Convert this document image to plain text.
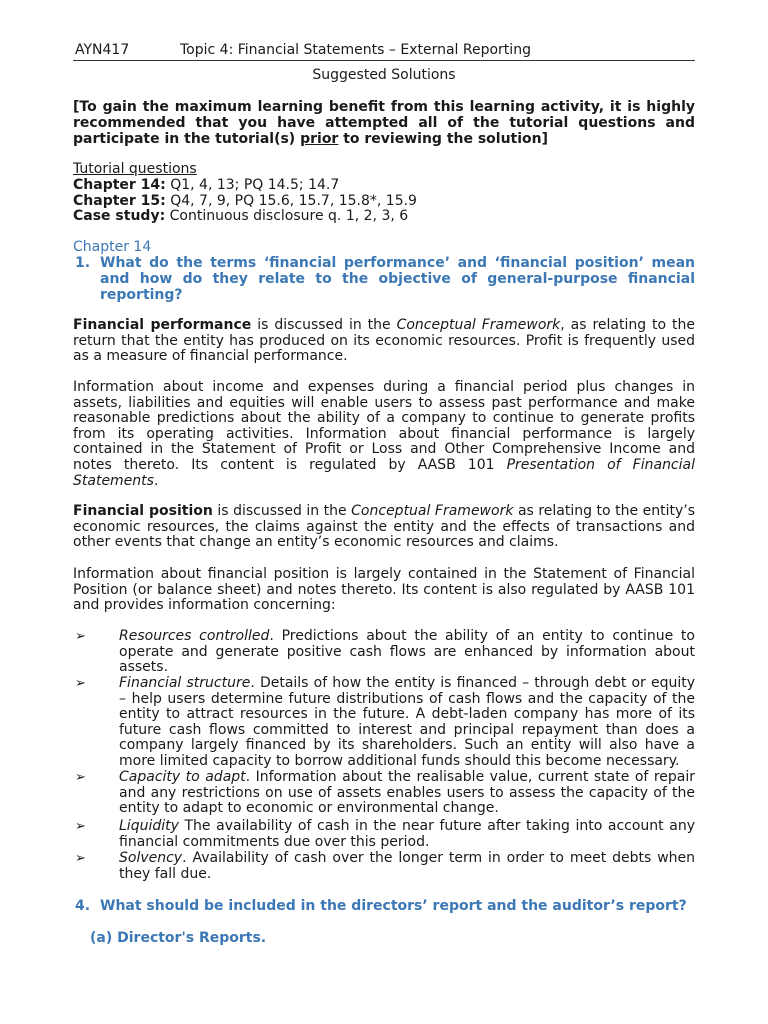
AYN417	Topic 4: Financial Statements – External Reporting
Suggested Solutions
[To gain the maximum learning benefit from this learning activity, it is highly recommended that you have attempted all of the tutorial questions and participate in the tutorial(s) prior to reviewing the solution]
Tutorial questions
Chapter 14: Q1, 4, 13; PQ 14.5; 14.7
Chapter 15: Q4, 7, 9, PQ 15.6, 15.7, 15.8*, 15.9
Case study: Continuous disclosure q. 1, 2, 3, 6
Chapter 14
1. What do the terms ‘financial performance’ and ‘financial position’ mean and how do they relate to the objective of general-purpose financial reporting?
Financial performance is discussed in the Conceptual Framework, as relating to the return that the entity has produced on its economic resources. Profit is frequently used as a measure of financial performance.
Information about income and expenses during a financial period plus changes in assets, liabilities and equities will enable users to assess past performance and make reasonable predictions about the ability of a company to continue to generate profits from its operating activities. Information about financial performance is largely contained in the Statement of Profit or Loss and Other Comprehensive Income and notes thereto. Its content is regulated by AASB 101 Presentation of Financial Statements.
Financial position is discussed in the Conceptual Framework as relating to the entity’s economic resources, the claims against the entity and the effects of transactions and other events that change an entity’s economic resources and claims.
Information about financial position is largely contained in the Statement of Financial Position (or balance sheet) and notes thereto. Its content is also regulated by AASB 101 and provides information concerning:
➢ Resources controlled. Predictions about the ability of an entity to continue to operate and generate positive cash flows are enhanced by information about assets.
➢ Financial structure. Details of how the entity is financed – through debt or equity – help users determine future distributions of cash flows and the capacity of the entity to attract resources in the future. A debt-laden company has more of its future cash flows committed to interest and principal repayment than does a company largely financed by its shareholders. Such an entity will also have a more limited capacity to borrow additional funds should this become necessary.
➢ Capacity to adapt. Information about the realisable value, current state of repair and any restrictions on use of assets enables users to assess the capacity of the entity to adapt to economic or environmental change.
➢ Liquidity The availability of cash in the near future after taking into account any financial commitments due over this period.
➢ Solvency. Availability of cash over the longer term in order to meet debts when they fall due.
4. What should be included in the directors’ report and the auditor’s report?
(a) Director's Reports.
